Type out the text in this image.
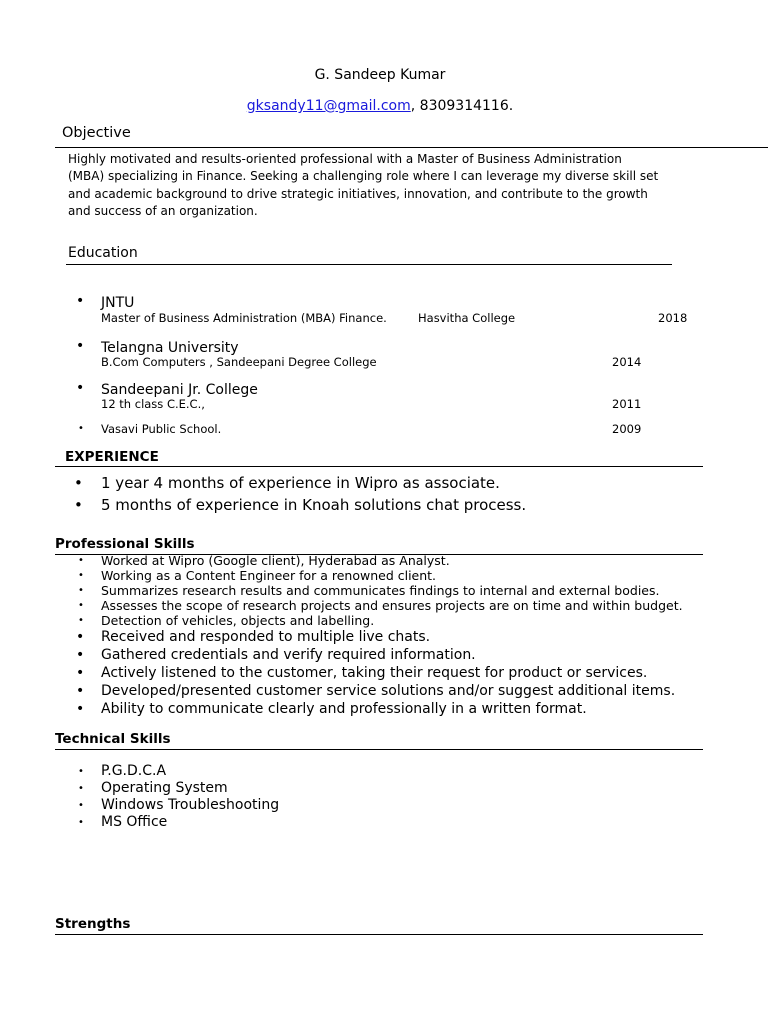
G. Sandeep Kumar
gksandy11@gmail.com, 8309314116.
Objective
Highly motivated and results-oriented professional with a Master of Business Administration
(MBA) specializing in Finance. Seeking a challenging role where I can leverage my diverse skill set
and academic background to drive strategic initiatives, innovation, and contribute to the growth
and success of an organization.
Education
• JNTU
Master of Business Administration (MBA) Finance.	Hasvitha College	2018
• Telangna University
B.Com Computers , Sandeepani Degree College	2014
• Sandeepani Jr. College
12 th class C.E.C.,	2011
• Vasavi Public School.	2009
EXPERIENCE
• 1 year 4 months of experience in Wipro as associate.
• 5 months of experience in Knoah solutions chat process.
Professional Skills
• Worked at Wipro (Google client), Hyderabad as Analyst.
• Working as a Content Engineer for a renowned client.
• Summarizes research results and communicates findings to internal and external bodies.
• Assesses the scope of research projects and ensures projects are on time and within budget.
• Detection of vehicles, objects and labelling.
• Received and responded to multiple live chats.
• Gathered credentials and verify required information.
• Actively listened to the customer, taking their request for product or services.
• Developed/presented customer service solutions and/or suggest additional items.
• Ability to communicate clearly and professionally in a written format.
Technical Skills
• P.G.D.C.A
• Operating System
• Windows Troubleshooting
• MS Office
Strengths
